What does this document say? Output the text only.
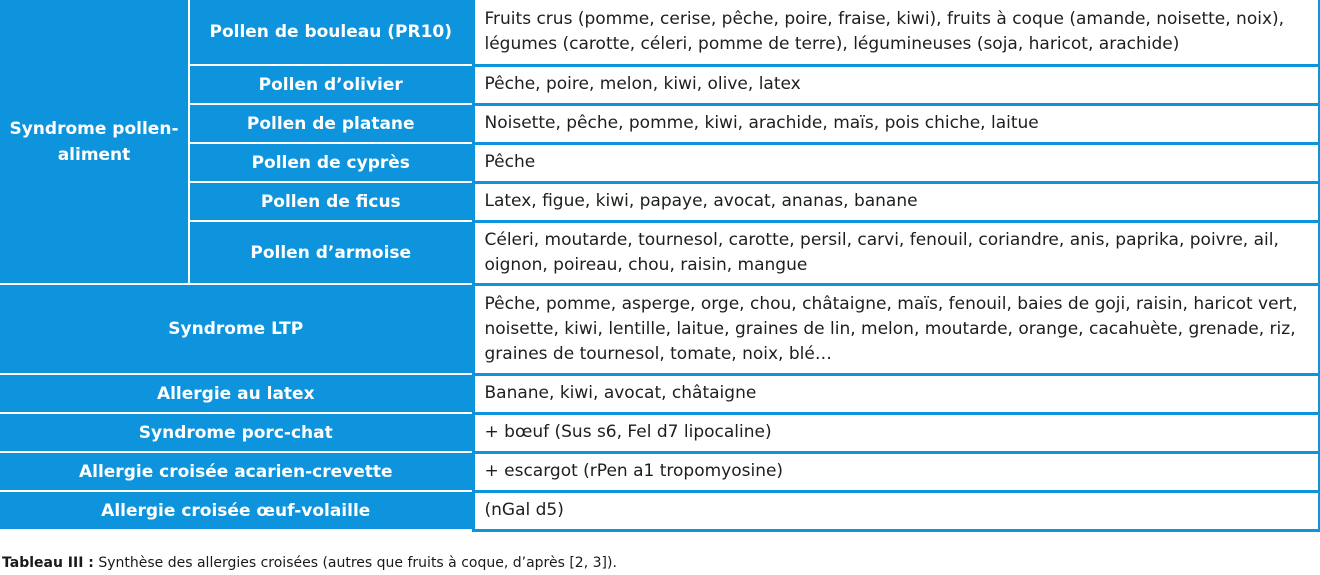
Syndrome pollen-aliment	Pollen de bouleau (PR10)	Fruits crus (pomme, cerise, pêche, poire, fraise, kiwi), fruits à coque (amande, noisette, noix), légumes (carotte, céleri, pomme de terre), légumineuses (soja, haricot, arachide)
	Pollen d’olivier	Pêche, poire, melon, kiwi, olive, latex
	Pollen de platane	Noisette, pêche, pomme, kiwi, arachide, maïs, pois chiche, laitue
	Pollen de cyprès	Pêche
	Pollen de ficus	Latex, figue, kiwi, papaye, avocat, ananas, banane
	Pollen d’armoise	Céleri, moutarde, tournesol, carotte, persil, carvi, fenouil, coriandre, anis, paprika, poivre, ail, oignon, poireau, chou, raisin, mangue
Syndrome LTP		Pêche, pomme, asperge, orge, chou, châtaigne, maïs, fenouil, baies de goji, raisin, haricot vert, noisette, kiwi, lentille, laitue, graines de lin, melon, moutarde, orange, cacahuète, grenade, riz, graines de tournesol, tomate, noix, blé…
Allergie au latex		Banane, kiwi, avocat, châtaigne
Syndrome porc-chat		+ bœuf (Sus s6, Fel d7 lipocaline)
Allergie croisée acarien-crevette		+ escargot (rPen a1 tropomyosine)
Allergie croisée œuf-volaille		(nGal d5)
Tableau III : Synthèse des allergies croisées (autres que fruits à coque, d’après [2, 3]).
